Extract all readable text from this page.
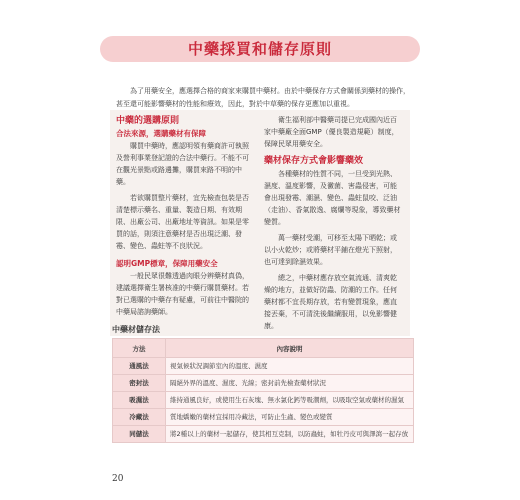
中藥採買和儲存原則

為了用藥安全，應選擇合格的商家來購買中藥材。由於中藥保存方式會關係到藥材的操作，甚至還可能影響藥材的性能和療效，因此，對於中草藥的保存更應加以重視。

中藥的選購原則

合法來源，選購藥材有保障

購買中藥時，應認明領有藥商許可執照及營利事業登記證的合法中藥行。不能不可在觀光景點或路邊攤，購買來路不明的中藥。

若欲購買整片藥材，宜先檢查包裝是否清楚標示藥名、重量、製造日期、有效期限、出廠公司、出廠地址等資訊。如果是零買的話，則須注意藥材是否出現泛潮、發霉、變色、蟲蛀等不良狀況。

認明GMP標章，保障用藥安全

一般民眾很難透過肉眼分辨藥材真偽，建議選擇衛生署核准的中藥行購買藥材。若對已選購的中藥存有疑慮，可前往中醫院的中藥局諮詢藥師。

衛生福利部中醫藥司提已完成國內近百家中藥廠全面GMP（優良製造規範）制度，保障民眾用藥安全。

藥材保存方式會影響藥效

各種藥材的性質不同，一旦受到光熱、濕度、溫度影響，及黴菌、害蟲侵害，可能會出現發霉、潮濕、變色、蟲蛀鼠咬、泛油（走油）、香氣散逸、腐爛等現象，導致藥材變質。

萬一藥材受潮，可移至太陽下晒乾；或以小火乾炒；或將藥材平鋪在燈光下照射，也可達到除濕效果。

總之，中藥材應存放空氣流通、清爽乾燥的地方，並做好防蟲、防潮的工作。任何藥材都不宜長期存放，若有變質現象，應直接丟棄，不可清洗後繼續服用，以免影響健康。

中藥材儲存法
方法	內容說明
通風法	視氣候狀況調節室內的溫度、濕度
密封法	隔絕外界的溫度、濕度、光線；密封前先檢查藥材狀況
吸濕法	維持通風良好，或使用生石灰塊、無水氯化鈣等吸潮劑，以吸取空氣或藥材的濕氣
冷藏法	質地嬌嫩的藥材宜採用冷藏法，可防止生蟲、變色或變質
同儲法	將2種以上的藥材一起儲存，使其相互克制，以防蟲蛀，如牡丹皮可與澤瀉一起存放
20
